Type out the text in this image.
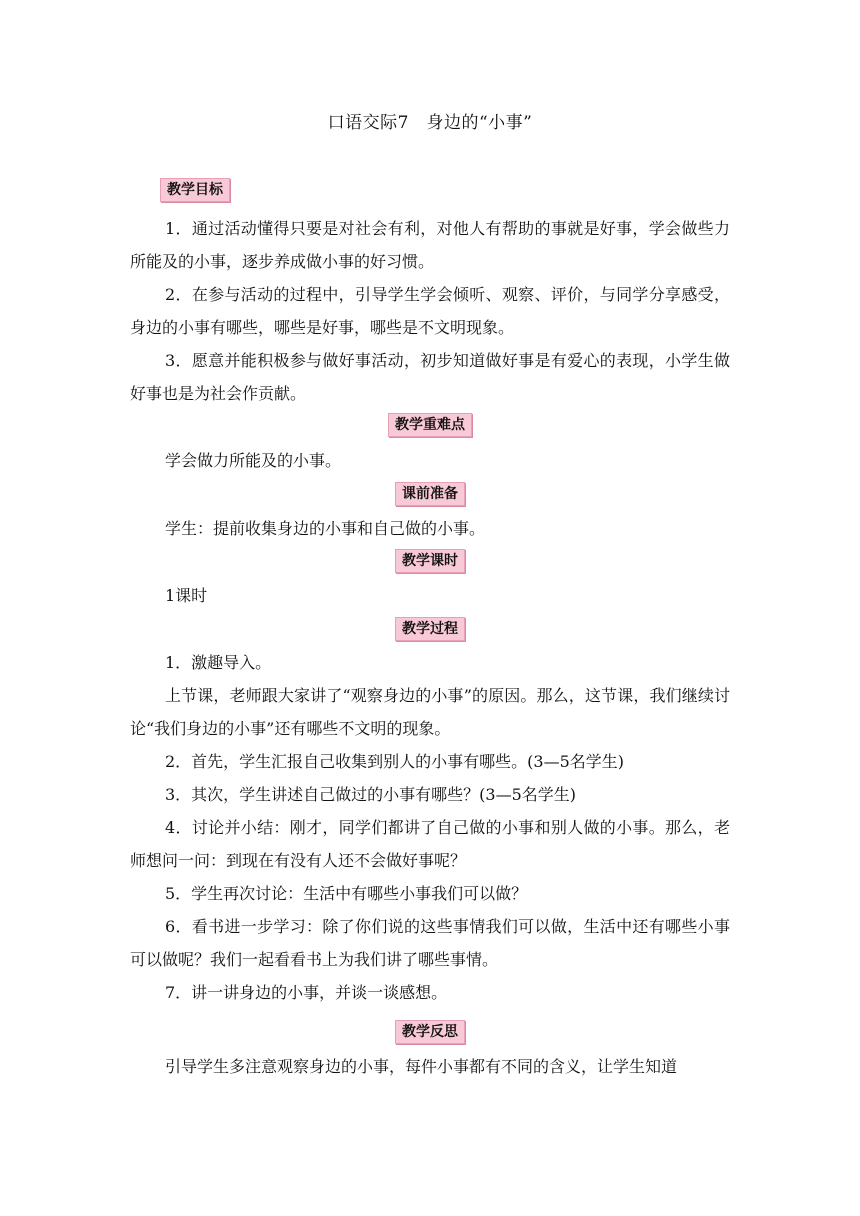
口语交际7　身边的“小事”
教学目标
1．通过活动懂得只要是对社会有利，对他人有帮助的事就是好事，学会做些力所能及的小事，逐步养成做小事的好习惯。
2．在参与活动的过程中，引导学生学会倾听、观察、评价，与同学分享感受，身边的小事有哪些，哪些是好事，哪些是不文明现象。
3．愿意并能积极参与做好事活动，初步知道做好事是有爱心的表现，小学生做好事也是为社会作贡献。
教学重难点
学会做力所能及的小事。
课前准备
学生：提前收集身边的小事和自己做的小事。
教学课时
1课时
教学过程
1．激趣导入。
上节课，老师跟大家讲了“观察身边的小事”的原因。那么，这节课，我们继续讨论“我们身边的小事”还有哪些不文明的现象。
2．首先，学生汇报自己收集到别人的小事有哪些。(3—5名学生)
3．其次，学生讲述自己做过的小事有哪些？(3—5名学生)
4．讨论并小结：刚才，同学们都讲了自己做的小事和别人做的小事。那么，老师想问一问：到现在有没有人还不会做好事呢？
5．学生再次讨论：生活中有哪些小事我们可以做？
6．看书进一步学习：除了你们说的这些事情我们可以做，生活中还有哪些小事可以做呢？我们一起看看书上为我们讲了哪些事情。
7．讲一讲身边的小事，并谈一谈感想。
教学反思
引导学生多注意观察身边的小事，每件小事都有不同的含义，让学生知道
